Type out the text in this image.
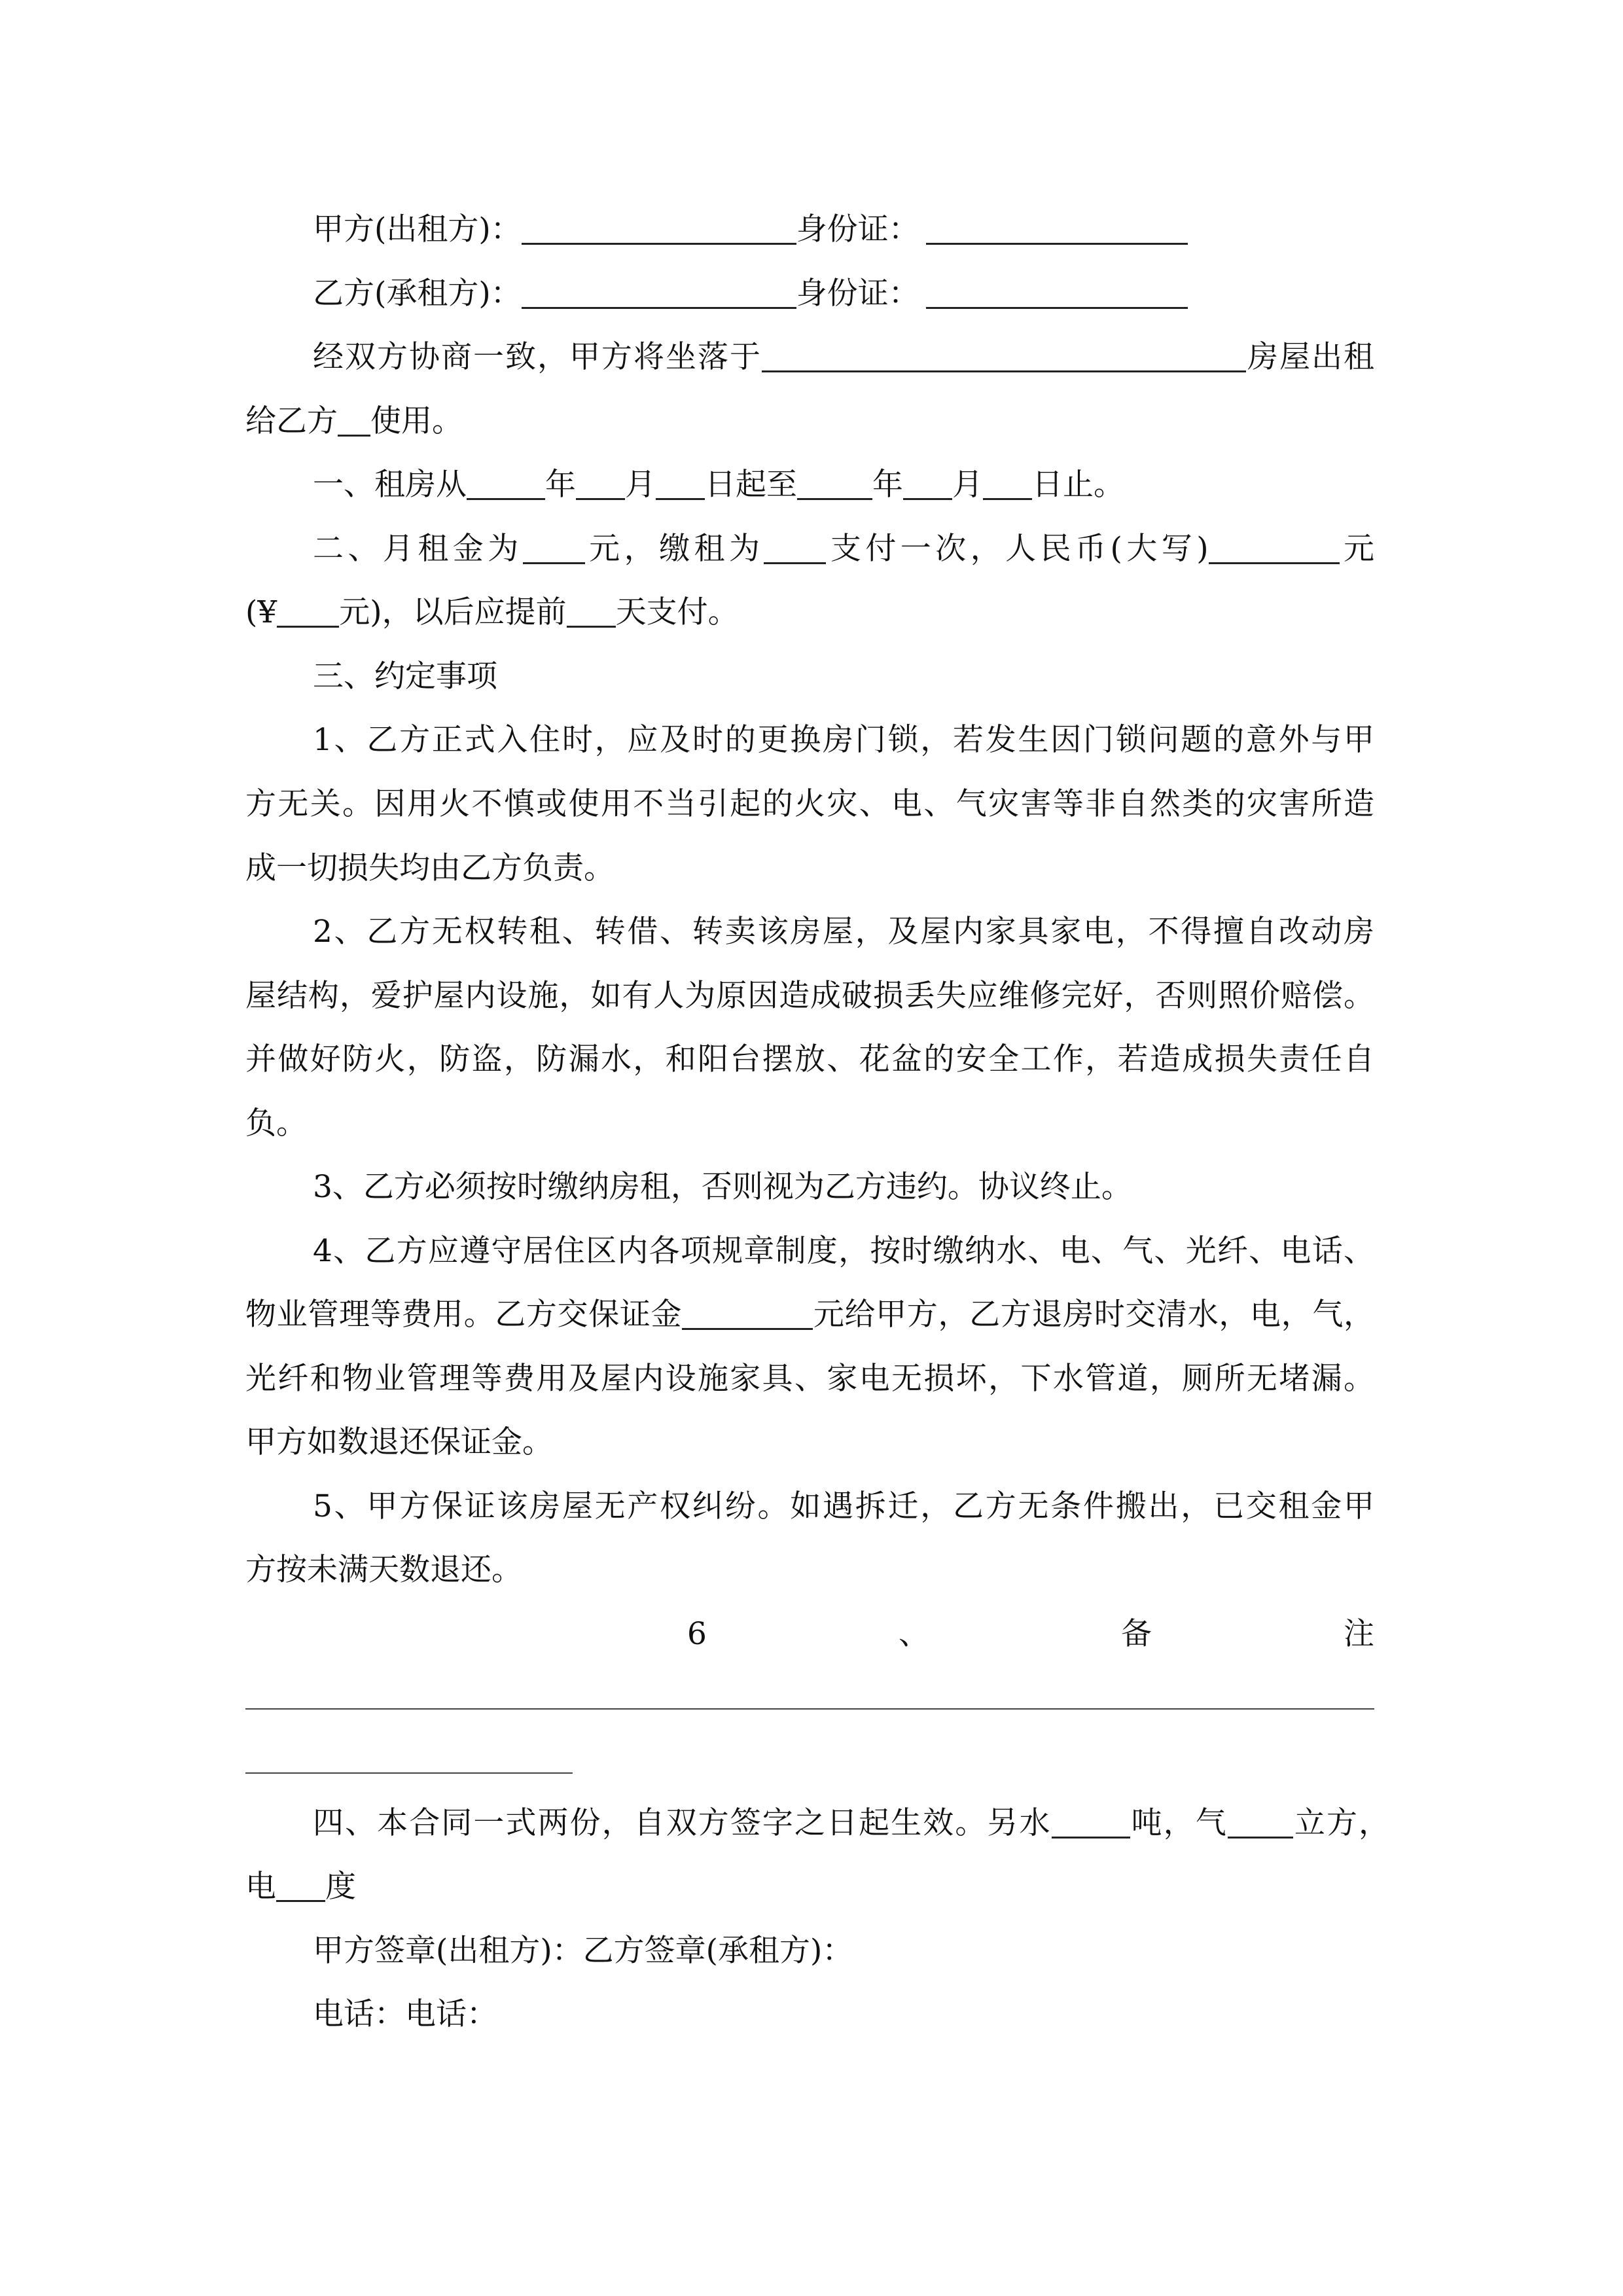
甲方(出租方)：	身份证：
乙方(承租方)：	身份证：
经双方协商一致，甲方将坐落于	房屋出租
给乙方 使用。
一、租房从	年 月 日起至 年 月 日止。
二、月租金为 元，缴租为 支付一次，人民币(大写)	元
(¥ 元)，以后应提前 天支付。
三、约定事项
1、乙方正式入住时，应及时的更换房门锁，若发生因门锁问题的意外与甲
方无关。因用火不慎或使用不当引起的火灾、电、气灾害等非自然类的灾害所造
成一切损失均由乙方负责。
2、乙方无权转租、转借、转卖该房屋，及屋内家具家电，不得擅自改动房
屋结构，爱护屋内设施，如有人为原因造成破损丢失应维修完好，否则照价赔偿。
并做好防火，防盗，防漏水，和阳台摆放、花盆的安全工作，若造成损失责任自
负。
3、乙方必须按时缴纳房租，否则视为乙方违约。协议终止。
4、乙方应遵守居住区内各项规章制度，按时缴纳水、电、气、光纤、电话、
物业管理等费用。乙方交保证金	元给甲方，乙方退房时交清水，电，气，
光纤和物业管理等费用及屋内设施家具、家电无损坏，下水管道，厕所无堵漏。
甲方如数退还保证金。
5、甲方保证该房屋无产权纠纷。如遇拆迁，乙方无条件搬出，已交租金甲
方按未满天数退还。
6	、	备	注
四、本合同一式两份，自双方签字之日起生效。另水	吨，气 立方，
电 度
甲方签章(出租方)：乙方签章(承租方)：
电话：电话：
